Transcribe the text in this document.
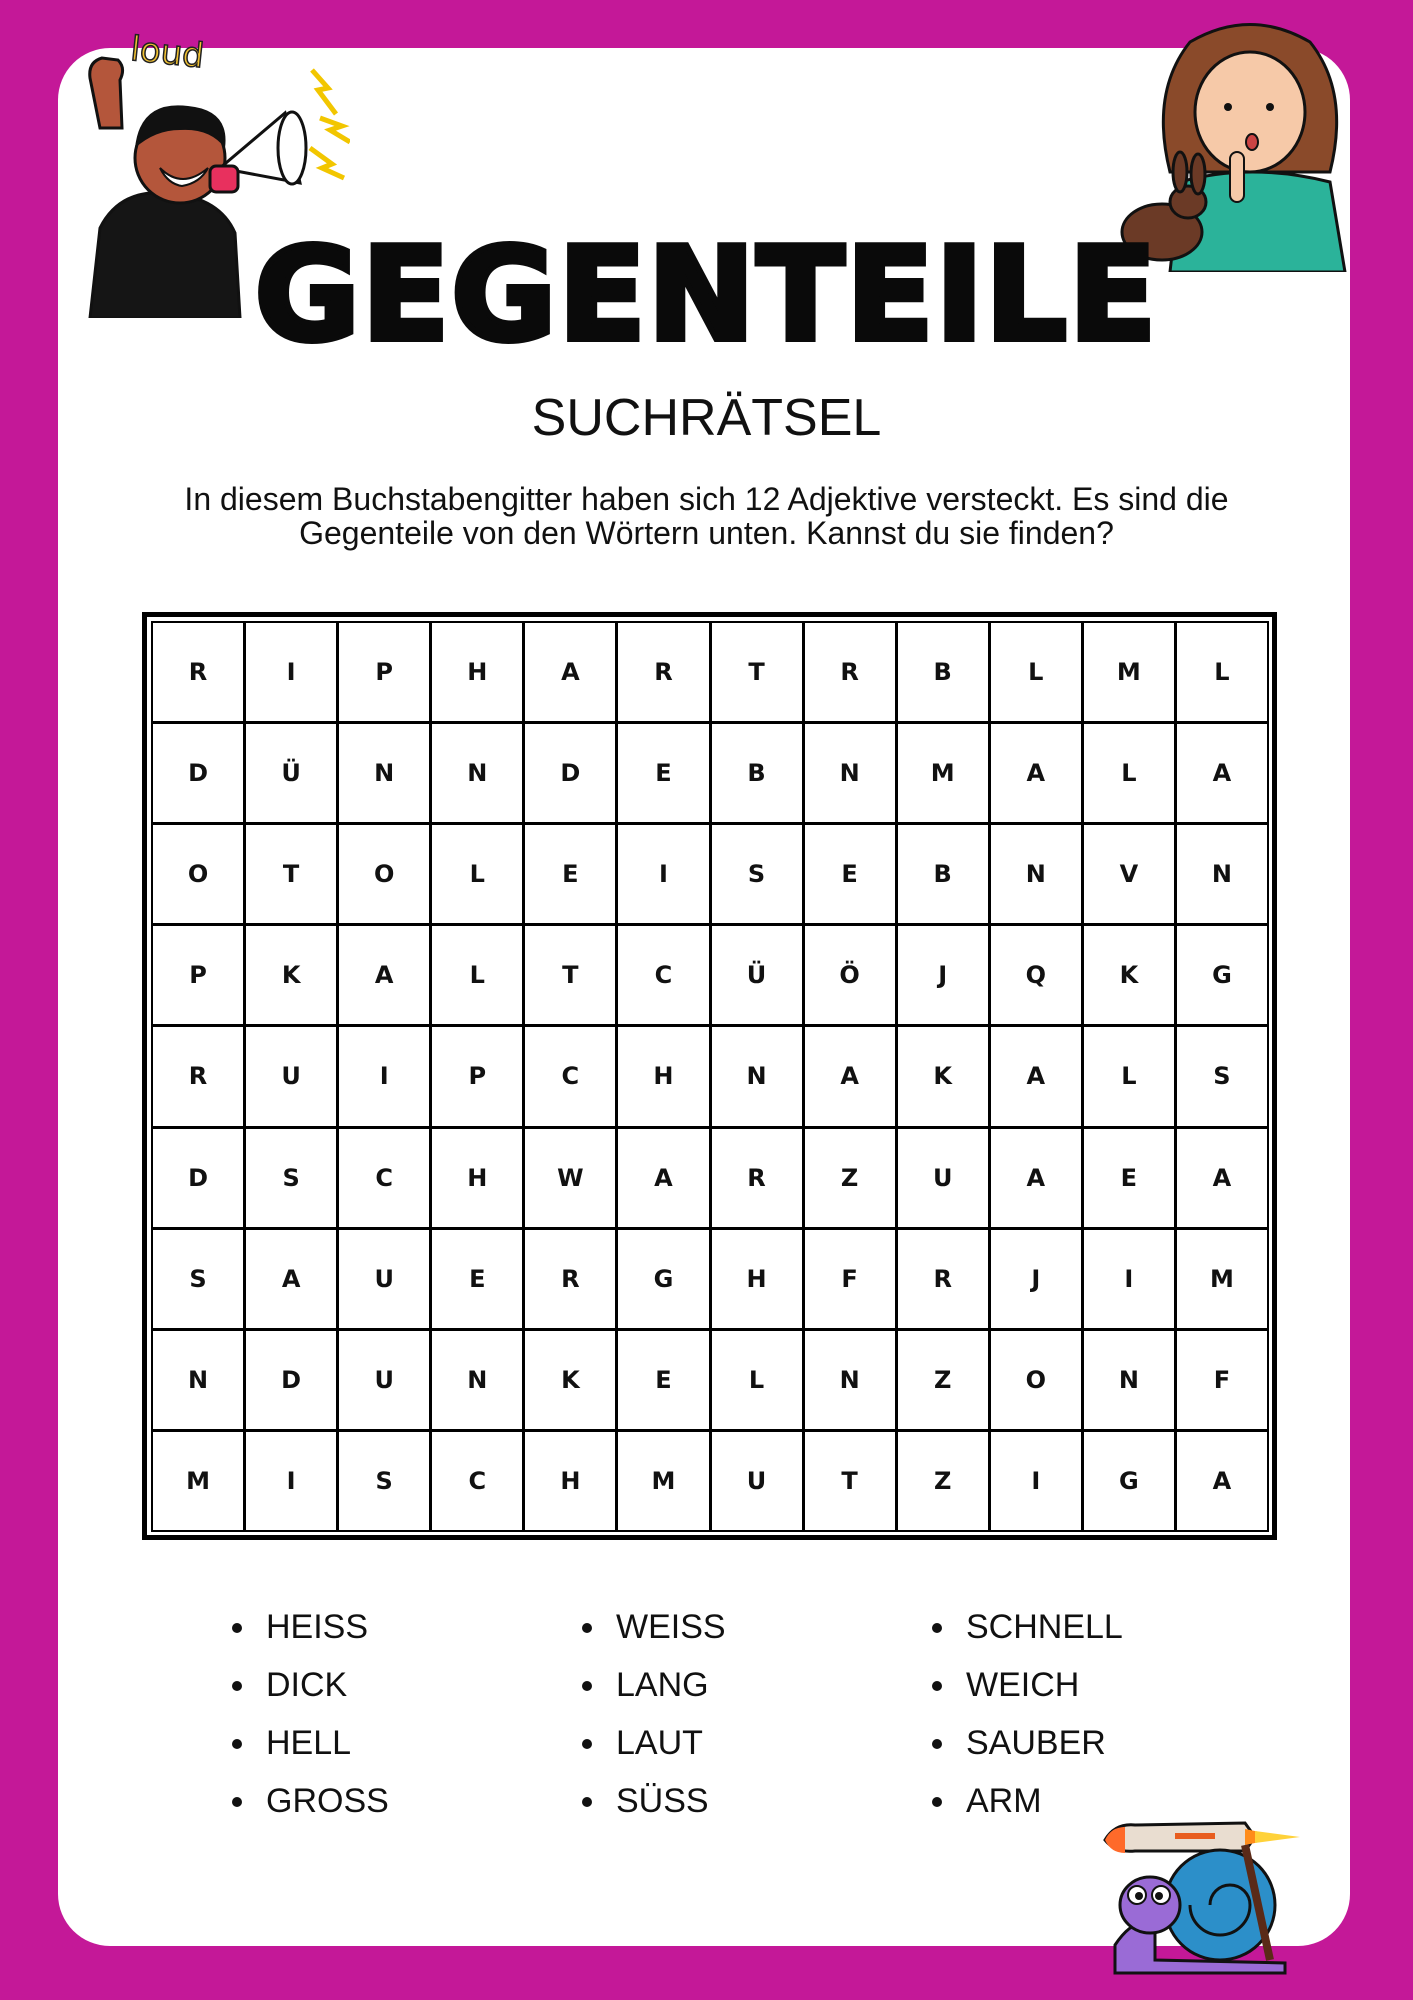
loud
GEGENTEILE
SUCHRÄTSEL
In diesem Buchstabengitter haben sich 12 Adjektive versteckt. Es sind die Gegenteile von den Wörtern unten. Kannst du sie finden?
R	I	P	H	A	R	T	R	B	L	M	L
D	Ü	N	N	D	E	B	N	M	A	L	A
O	T	O	L	E	I	S	E	B	N	V	N
P	K	A	L	T	C	Ü	Ö	J	Q	K	G
R	U	I	P	C	H	N	A	K	A	L	S
D	S	C	H	W	A	R	Z	U	A	E	A
S	A	U	E	R	G	H	F	R	J	I	M
N	D	U	N	K	E	L	N	Z	O	N	F
M	I	S	C	H	M	U	T	Z	I	G	A
HEISS
DICK
HELL
GROSS
WEISS
LANG
LAUT
SÜSS
SCHNELL
WEICH
SAUBER
ARM
